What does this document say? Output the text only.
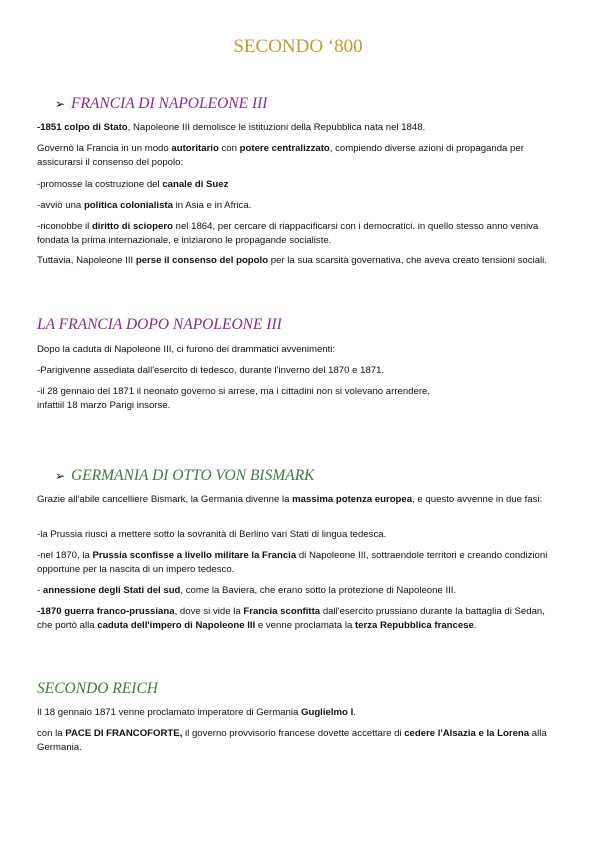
SECONDO ‘800
➢ FRANCIA DI NAPOLEONE III

-1851 colpo di Stato, Napoleone III demolisce le istituzioni della Repubblica nata nel 1848.

Governò la Francia in un modo autoritario con potere centralizzato, compiendo diverse azioni di propaganda per assicurarsi il consenso del popolo:

-promosse la costruzione del canale di Suez

-avviò una politica colonialista in Asia e in Africa.

-riconobbe il diritto di sciopero nel 1864, per cercare di riappacificarsi con i democratici. in quello stesso anno veniva fondata la prima internazionale, e iniziarono le propagande socialiste.

Tuttavia, Napoleone III perse il consenso del popolo per la sua scarsità governativa, che aveva creato tensioni sociali.

LA FRANCIA DOPO NAPOLEONE III

Dopo la caduta di Napoleone III, ci furono dei drammatici avvenimenti:

-Parigivenne assediata dall'esercito di tedesco, durante l'inverno del 1870 e 1871.

-il 28 gennaio del 1871 il neonato governo si arrese, ma i cittadini non si volevano arrendere,
infattiil 18 marzo Parigi insorse.

➢ GERMANIA DI OTTO VON BISMARK

Grazie all'abile cancelliere Bismark, la Germania divenne la massima potenza europea, e questo avvenne in due fasi:

-la Prussia riuscì a mettere sotto la sovranità di Berlino vari Stati di lingua tedesca.

-nel 1870, la Prussia sconfisse a livello militare la Francia di Napoleone III, sottraendole territori e creando condizioni opportune per la nascita di un impero tedesco.

- annessione degli Stati del sud, come la Baviera, che erano sotto la protezione di Napoleone III.

-1870 guerra franco-prussiana, dove si vide la Francia sconfitta dall'esercito prussiano durante la battaglia di Sedan, che portò alla caduta dell'impero di Napoleone III e venne proclamata la terza Repubblica francese.

SECONDO REICH

Il 18 gennaio 1871 venne proclamato imperatore di Germania Guglielmo I.

con la PACE DI FRANCOFORTE, il governo provvisorio francese dovette accettare di cedere l'Alsazia e la Lorena alla Germania.
